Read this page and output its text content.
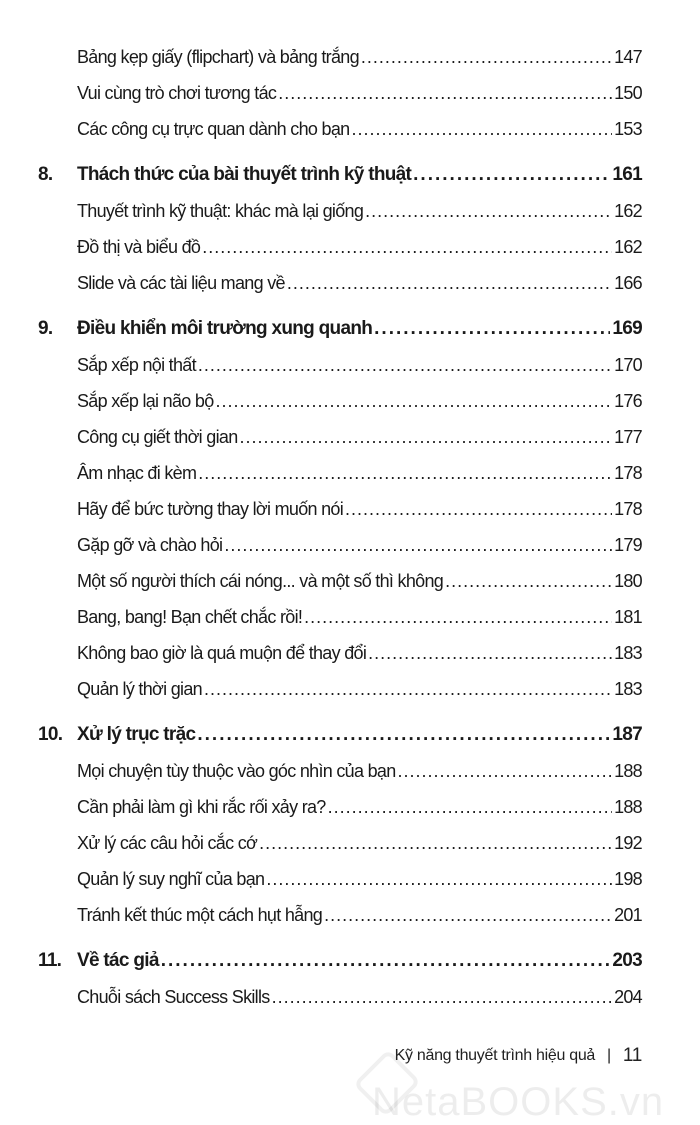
NetaBOOKS.vn
Bảng kẹp giấy (flipchart) và bảng trắng .....	147
Vui cùng trò chơi tương tác .....	150
Các công cụ trực quan dành cho bạn .....	153
8.	Thách thức của bài thuyết trình kỹ thuật .....	161
Thuyết trình kỹ thuật: khác mà lại giống .....	162
Đồ thị và biểu đồ .....	162
Slide và các tài liệu mang về .....	166
9.	Điều khiển môi trường xung quanh .....	169
Sắp xếp nội thất .....	170
Sắp xếp lại não bộ .....	176
Công cụ giết thời gian .....	177
Âm nhạc đi kèm .....	178
Hãy để bức tường thay lời muốn nói .....	178
Gặp gỡ và chào hỏi .....	179
Một số người thích cái nóng... và một số thì không .....	180
Bang, bang! Bạn chết chắc rồi! .....	181
Không bao giờ là quá muộn để thay đổi .....	183
Quản lý thời gian .....	183
10. Xử lý trục trặc .....	187
Mọi chuyện tùy thuộc vào góc nhìn của bạn .....	188
Cần phải làm gì khi rắc rối xảy ra? .....	188
Xử lý các câu hỏi cắc cớ .....	192
Quản lý suy nghĩ của bạn .....	198
Tránh kết thúc một cách hụt hẫng .....	201
11. Về tác giả .....	203
Chuỗi sách Success Skills .....	204
Kỹ năng thuyết trình hiệu quả | 11
